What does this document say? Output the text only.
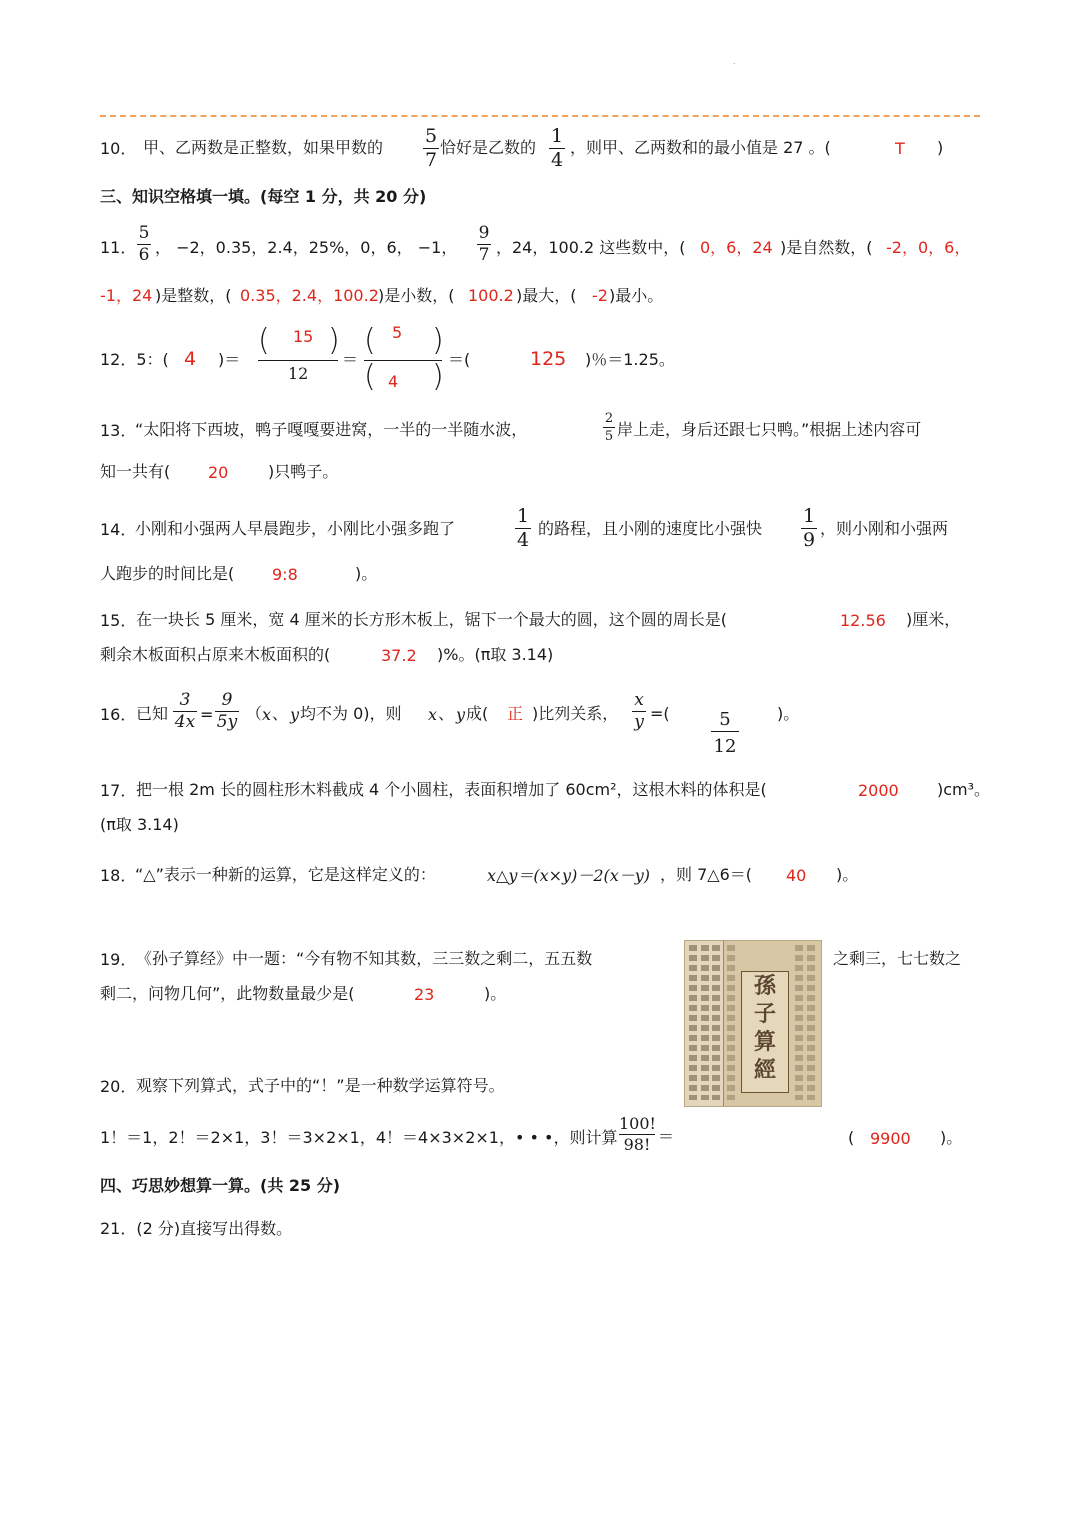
.
10． 甲、乙两数是正整数，如果甲数的
5
7
恰好是乙数的
1
4
，则甲、乙两数和的最小值是 27 。(	T )
三、知识空格填一填。(每空 1 分，共 20 分)
11．
5
6 ， −2，0.35，2.4，25%，0，6， −1，
9
7 ，24，100.2 这些数中，( 0，6，24 )是自然数，( -2，0，6，
-1，24 )是整数，( 0.35，2.4，100.2 )是小数，( 100.2 )最大，( -2 )最小。
12．5：( 4 )＝
( 15 )
12
＝
( 5 )
( 4 ) ＝(	125 )％＝1.25。
13．
“太阳将下西坡，鸭子嘎嘎要进窝，一半的一半随水波，
2
5 岸上走，身后还跟七只鸭。”根据上述内容可
知一共有( 20 )只鸭子。
14．
小刚和小强两人早晨跑步，小刚比小强多跑了
1
4
的路程，且小刚的速度比小强快
1
9
，则小刚和小强两
人跑步的时间比是( 9:8	)。
15． 在一块长 5 厘米，宽 4 厘米的长方形木板上，锯下一个最大的圆，这个圆的周长是(	12.56 )厘米，
剩余木板面积占原来木板面积的(	37.2 )%。(π取 3.14)
16． 已知
3
4x =
9
5y （ x 、 y 均不为 0)，则 x 、 y 成( 正 )比列关系，
x
y =(	5
12
)。
17． 把一根 2m 长的圆柱形木料截成 4 个小圆柱，表面积增加了 60cm²，这根木料的体积是(	2000 )cm³。
(π取 3.14)
18．
“△”表示一种新的运算，它是这样定义的：	x△y＝(x×y)－2(x－y) ，则 7△6＝( 40 )。
19． 《孙子算经》中一题：“今有物不知其数，三三数之剩二，五五数	之剩三，七七数之
剩二，问物几何”，此物数量最少是(	23	)。	孫
子
算
經
20． 观察下列算式，式子中的“！”是一种数学运算符号。
1！＝1，2！＝2×1，3！＝3×2×1，4！＝4×3×2×1，• • •，则计算
100!
98! ＝	( 9900 )。
四、巧思妙想算一算。(共 25 分)
21．(2 分)直接写出得数。
